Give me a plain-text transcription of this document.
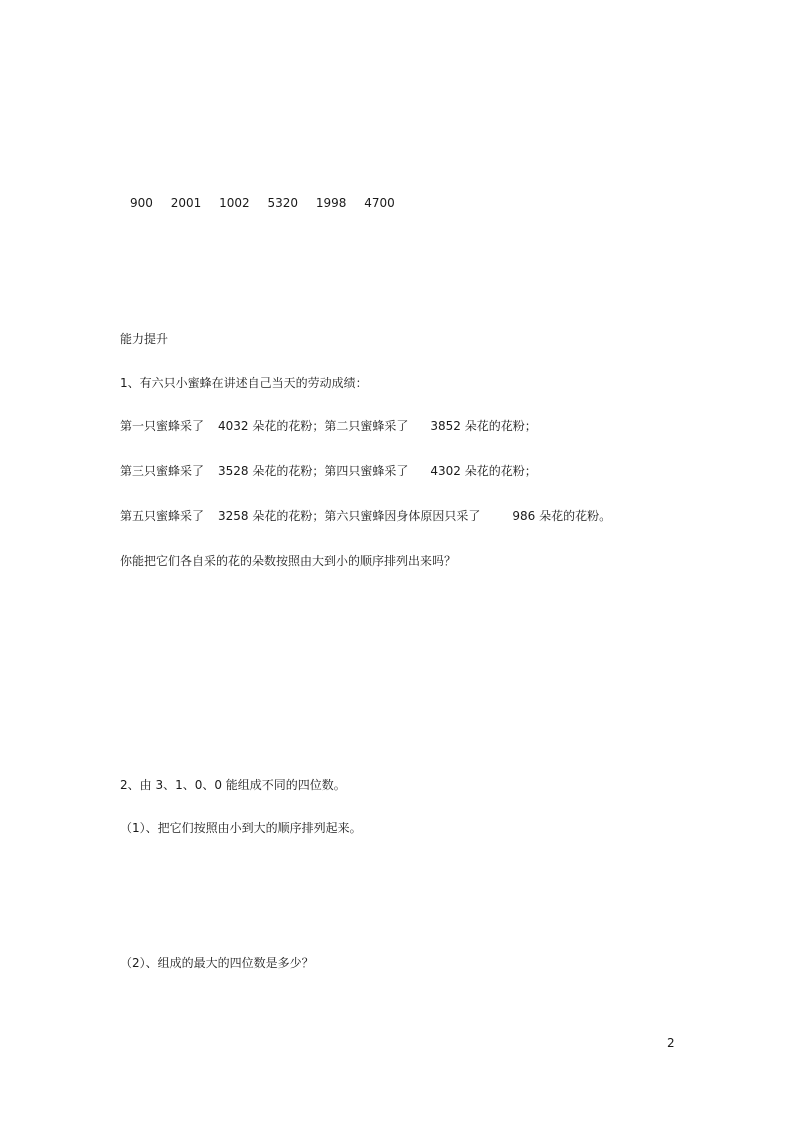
900 2001 1002 5320 1998 4700
能力提升
1、有六只小蜜蜂在讲述自己当天的劳动成绩：
第一只蜜蜂采了 4032 朵花的花粉；第二只蜜蜂采了 3852 朵花的花粉；
第三只蜜蜂采了 3528 朵花的花粉；第四只蜜蜂采了 4302 朵花的花粉；
第五只蜜蜂采了 3258 朵花的花粉；第六只蜜蜂因身体原因只采了	986 朵花的花粉。
你能把它们各自采的花的朵数按照由大到小的顺序排列出来吗？
2、由 3、1、0、0 能组成不同的四位数。
（1）、把它们按照由小到大的顺序排列起来。
（2）、组成的最大的四位数是多少？
2
